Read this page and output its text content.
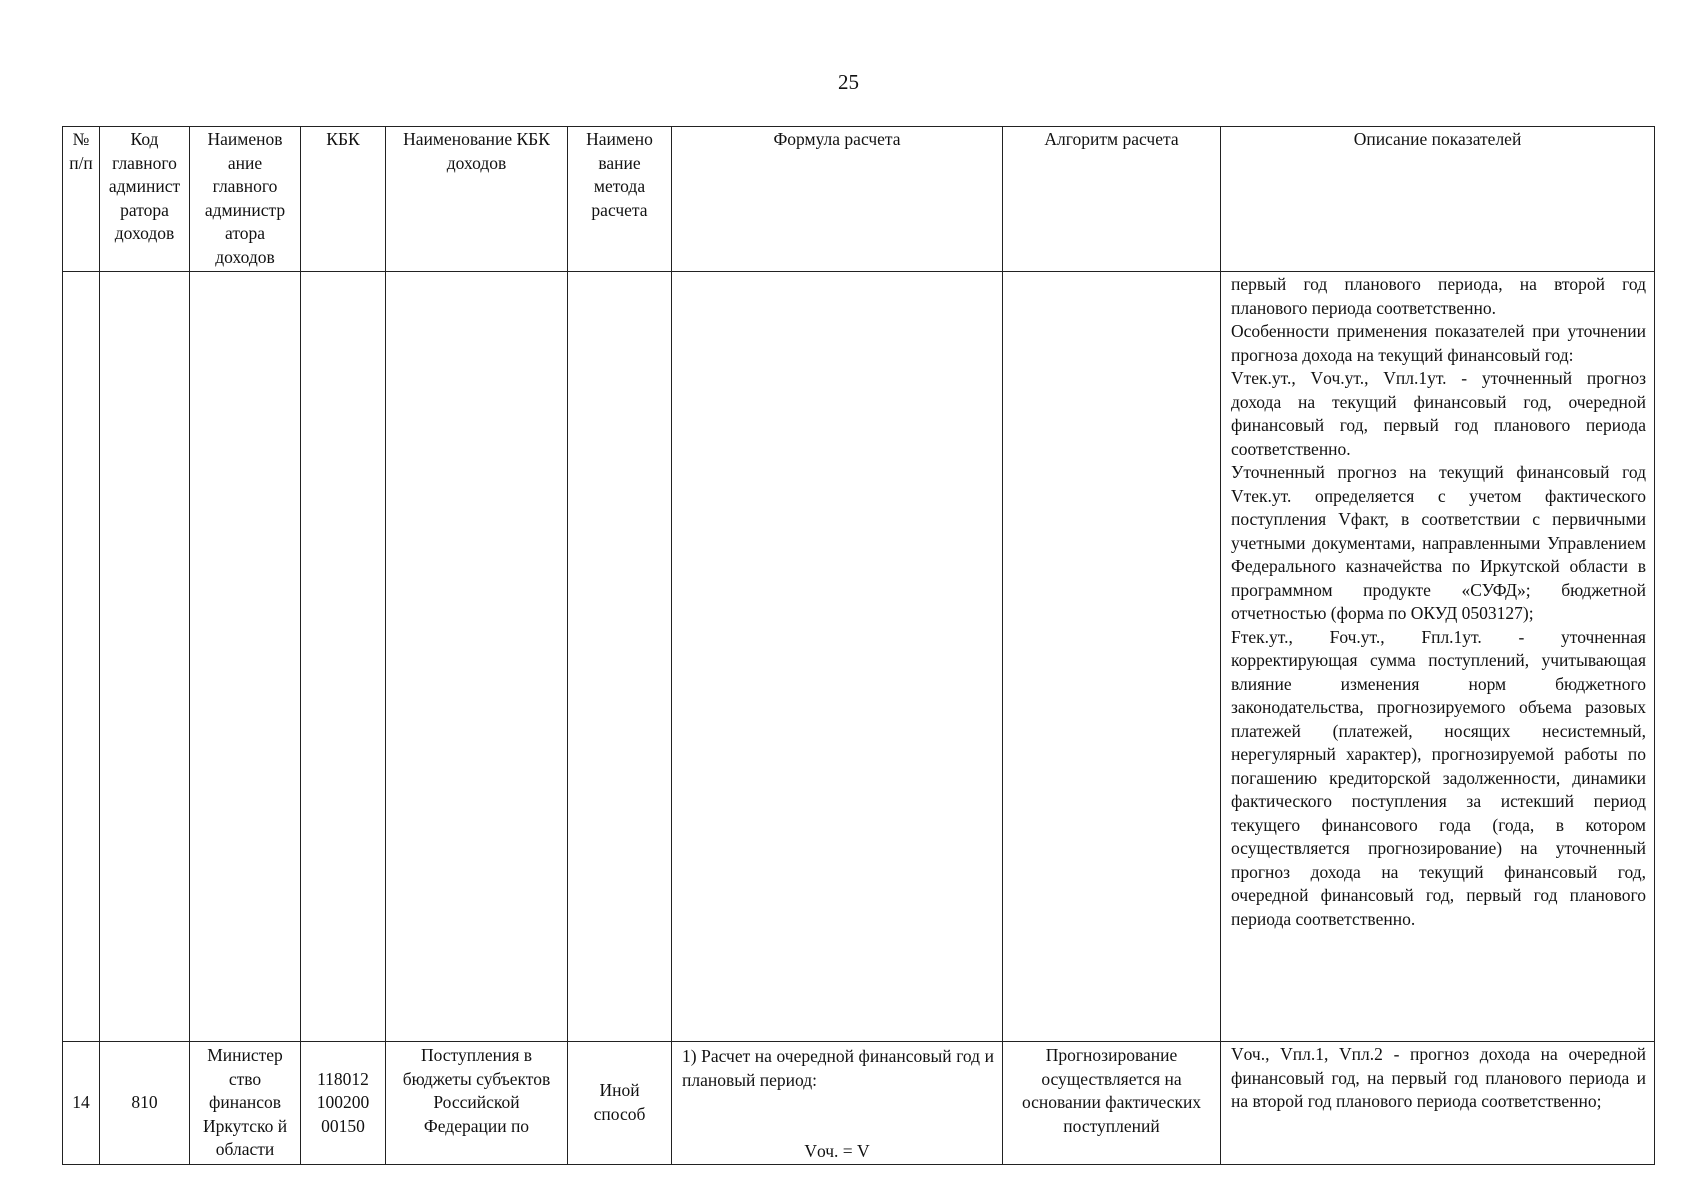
25
№ п/п	Код главного админист ратора доходов	Наименов ание главного администр атора доходов	КБК	Наименование КБК доходов	Наимено вание метода расчета	Формула расчета	Алгоритм расчета	Описание показателей

								первый год планового периода, на второй год планового периода соответственно.

Особенности применения показателей при уточнении прогноза дохода на текущий финансовый год:

Vтек.ут., Vоч.ут., Vпл.1ут. - уточненный прогноз дохода на текущий финансовый год, очередной финансовый год, первый год планового периода соответственно.

Уточненный прогноз на текущий финансовый год Vтек.ут. определяется с учетом фактического поступления Vфакт, в соответствии с первичными учетными документами, направленными Управлением Федерального казначейства по Иркутской области в программном продукте «СУФД»; бюджетной отчетностью (форма по ОКУД 0503127);

Fтек.ут., Fоч.ут., Fпл.1ут. - уточненная корректирующая сумма поступлений, учитывающая влияние изменения норм бюджетного законодательства, прогнозируемого объема разовых платежей (платежей, носящих несистемный, нерегулярный характер), прогнозируемой работы по погашению кредиторской задолженности, динамики фактического поступления за истекший период текущего финансового года (года, в котором осуществляется прогнозирование) на уточненный прогноз дохода на текущий финансовый год, очередной финансовый год, первый год планового периода соответственно.

14	810	Министер ство финансов Иркутско й области	118012 100200 00150	Поступления в бюджеты субъектов Российской Федерации по	Иной способ	1) Расчет на очередной финансовый год и плановый период:
Vоч. = V	Прогнозирование осуществляется на основании фактических поступлений	Vоч., Vпл.1, Vпл.2 - прогноз дохода на очередной финансовый год, на первый год планового периода и на второй год планового периода соответственно;
